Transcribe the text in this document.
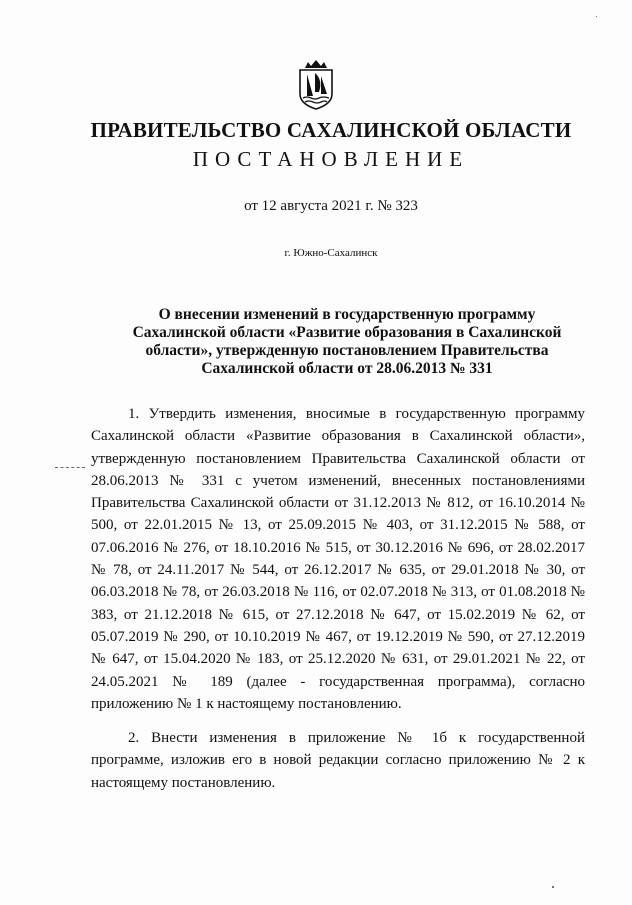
ПРАВИТЕЛЬСТВО САХАЛИНСКОЙ ОБЛАСТИ
ПОСТАНОВЛЕНИЕ
от 12 августа 2021 г. № 323
г. Южно-Сахалинск
О внесении изменений в государственную программу Сахалинской области «Развитие образования в Сахалинской области», утвержденную постановлением Правительства Сахалинской области от 28.06.2013 № 331

1. Утвердить изменения, вносимые в государственную программу Сахалинской области «Развитие образования в Сахалинской области», утвержденную постановлением Правительства Сахалинской области от 28.06.2013 № 331 с учетом изменений, внесенных постановлениями Правительства Сахалинской области от 31.12.2013 № 812, от 16.10.2014 № 500, от 22.01.2015 № 13, от 25.09.2015 № 403, от 31.12.2015 № 588, от 07.06.2016 № 276, от 18.10.2016 № 515, от 30.12.2016 № 696, от 28.02.2017 № 78, от 24.11.2017 № 544, от 26.12.2017 № 635, от 29.01.2018 № 30, от 06.03.2018 № 78, от 26.03.2018 № 116, от 02.07.2018 № 313, от 01.08.2018 № 383, от 21.12.2018 № 615, от 27.12.2018 № 647, от 15.02.2019 № 62, от 05.07.2019 № 290, от 10.10.2019 № 467, от 19.12.2019 № 590, от 27.12.2019 № 647, от 15.04.2020 № 183, от 25.12.2020 № 631, от 29.01.2021 № 22, от 24.05.2021 № 189 (далее - государственная программа), согласно приложению № 1 к настоящему постановлению.

2. Внести изменения в приложение № 1б к государственной программе, изложив его в новой редакции согласно приложению № 2 к настоящему постановлению.
